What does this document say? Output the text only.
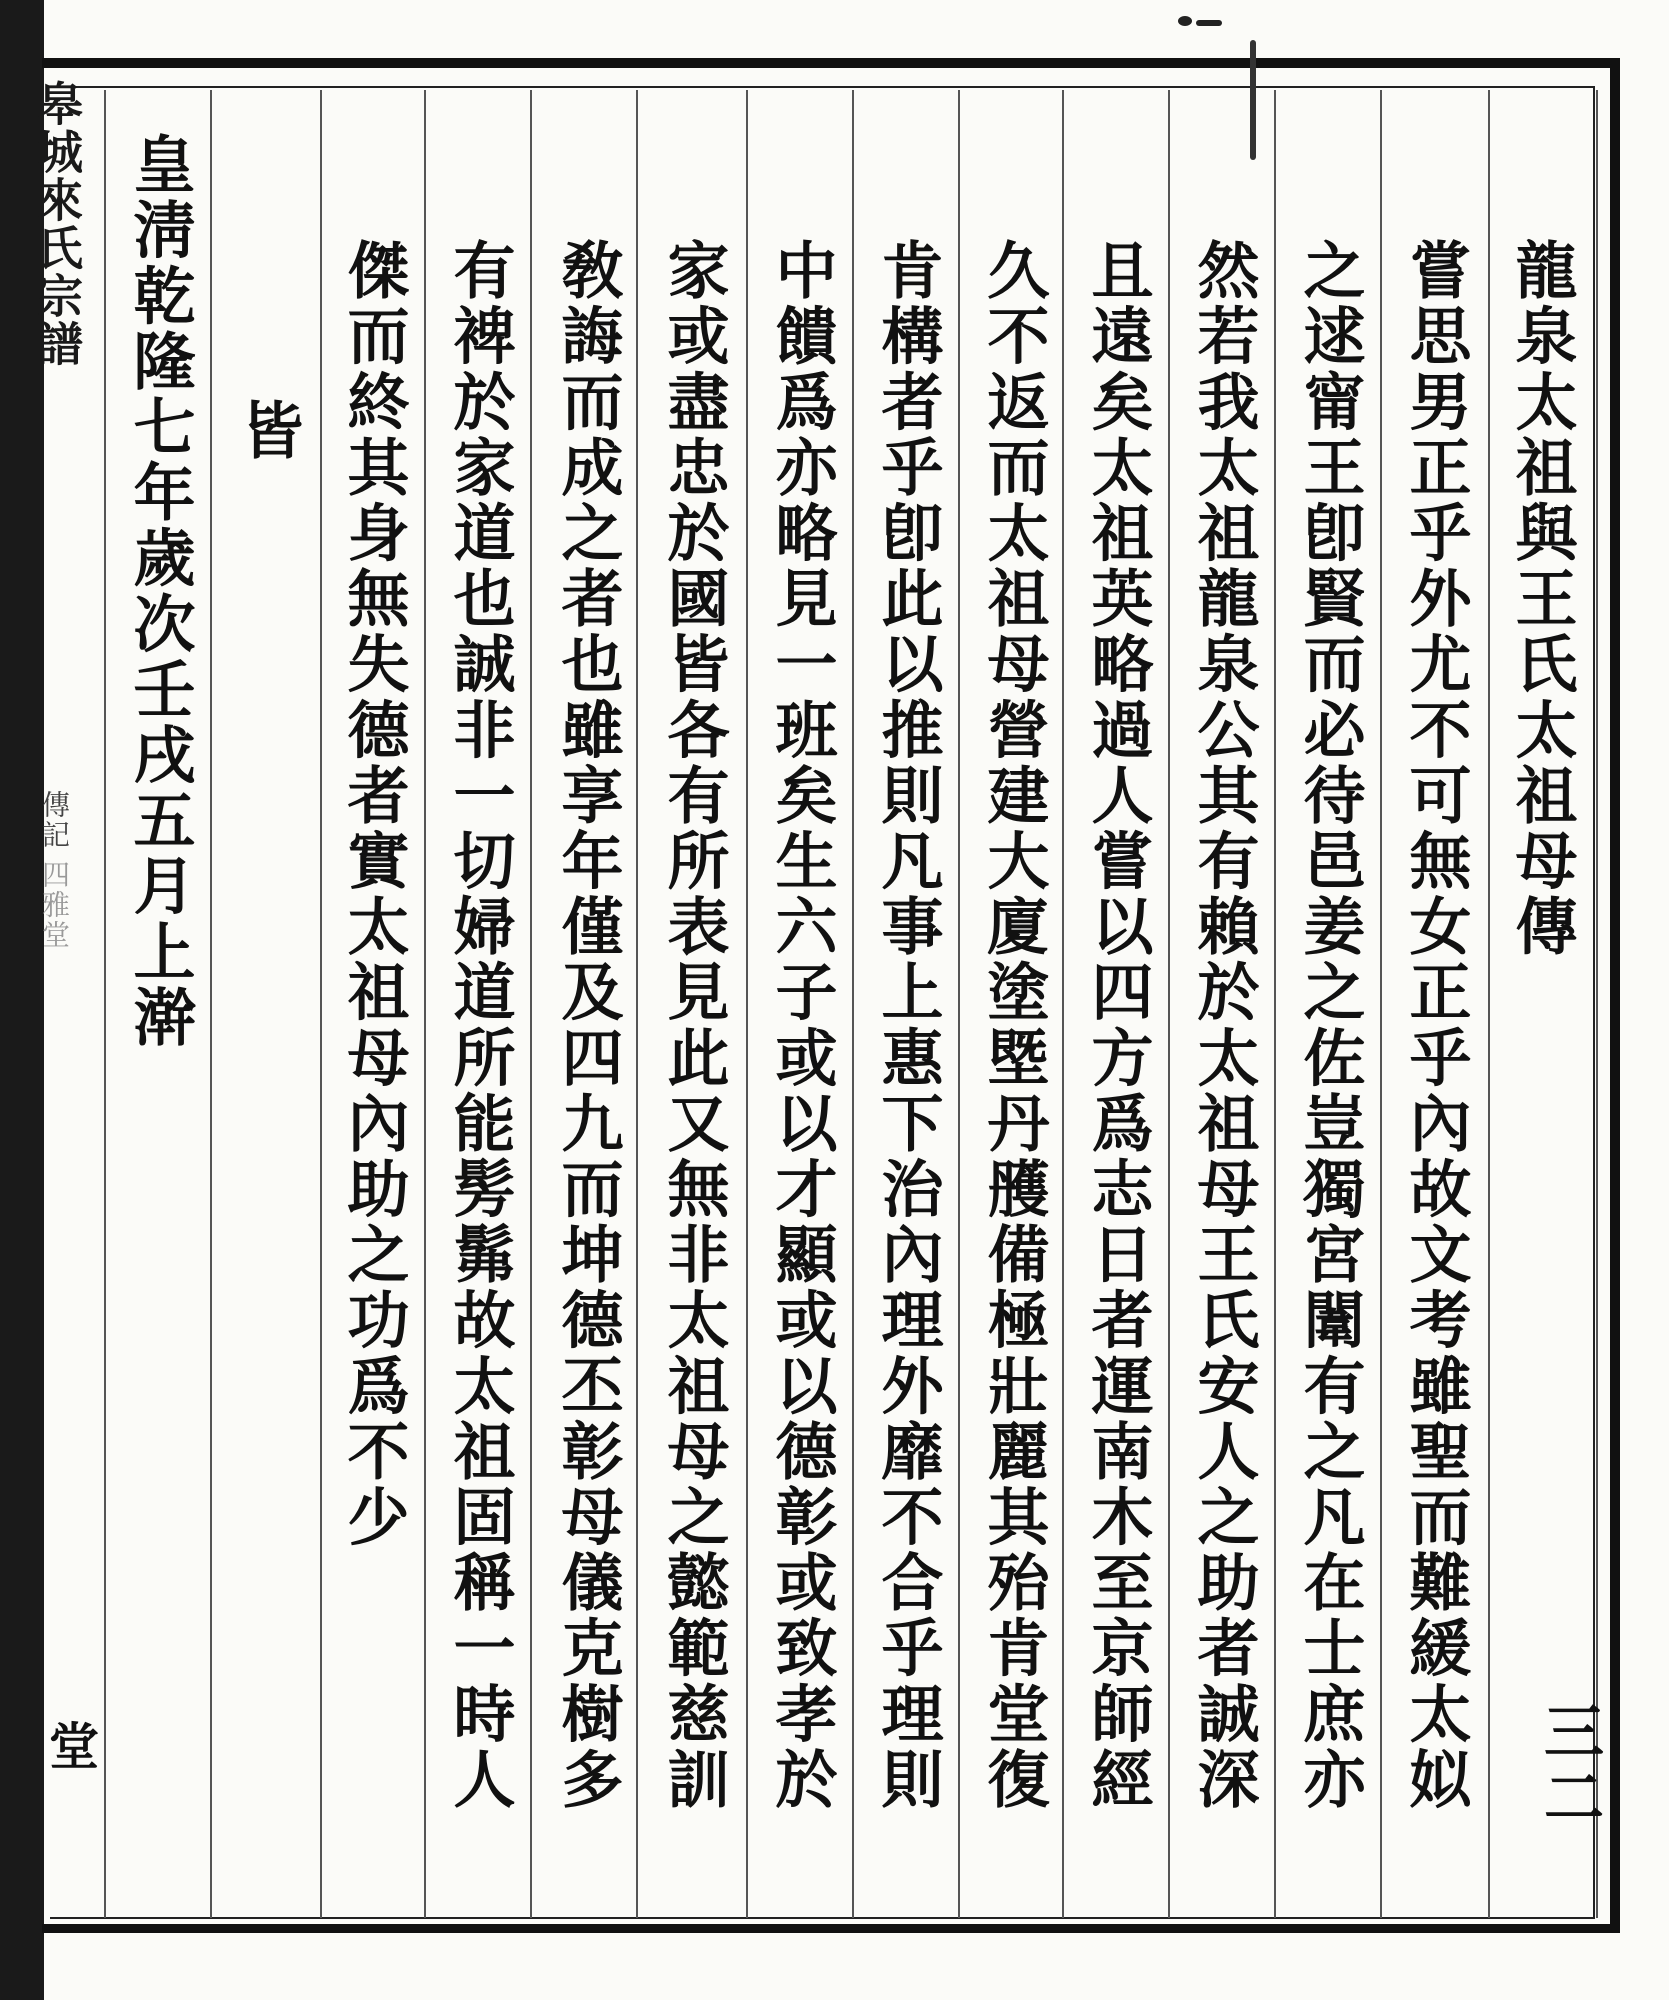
龍泉太祖與王氏太祖母傳
嘗思男正乎外尤不可無女正乎內故文考雖聖而難緩太姒
之逑甯王卽賢而必待邑姜之佐豈獨宮闈有之凡在士庶亦
然若我太祖龍泉公其有賴於太祖母王氏安人之助者誠深
且遠矣太祖英略過人嘗以四方爲志日者運南木至京師經
久不返而太祖母營建大廈塗塈丹雘備極壯麗其殆肯堂復
肯構者乎卽此以推則凡事上惠下治內理外靡不合乎理則
中饋爲亦略見一班矣生六子或以才顯或以德彰或致孝於
家或盡忠於國皆各有所表見此又無非太祖母之懿範慈訓
敎誨而成之者也雖享年僅及四九而坤德丕彰母儀克樹多
有裨於家道也誠非一切婦道所能髣髴故太祖固稱一時人
傑而終其身無失德者實太祖母內助之功爲不少
皆
皇淸乾隆七年歲次壬戌五月上澣
皋城來氏宗譜
傳記
四雅堂
堂	三二
